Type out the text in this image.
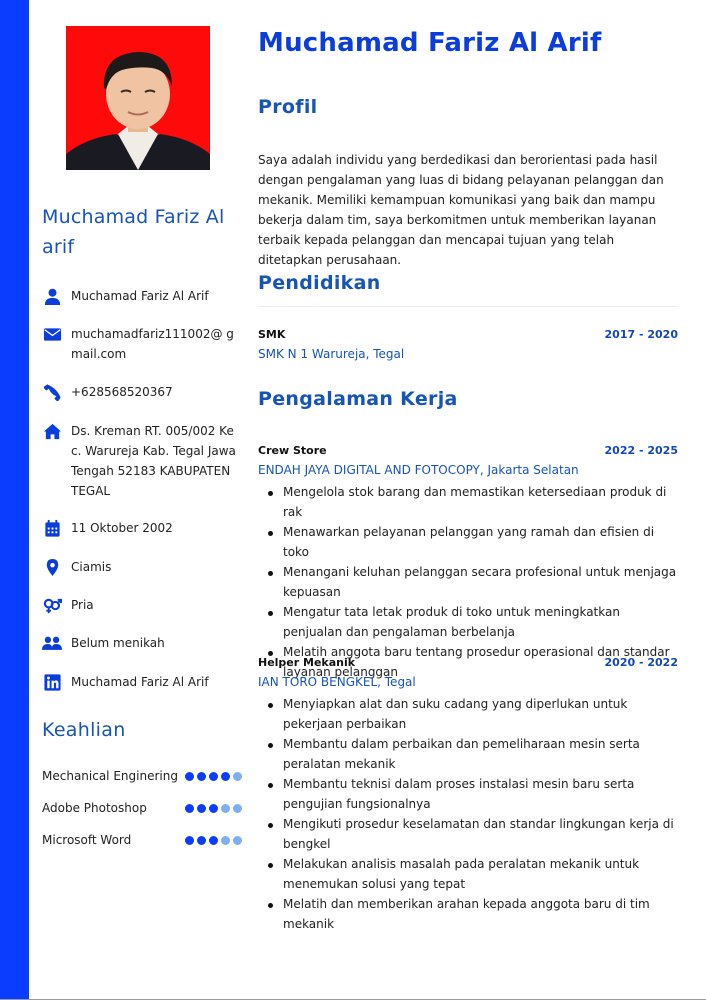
Muchamad Fariz Al arif
Muchamad Fariz Al Arif
muchamadfariz111002@ gmail.com
+628568520367
Ds. Kreman RT. 005/002 Kec. Warureja Kab. Tegal Jawa Tengah 52183 KABUPATEN TEGAL
11 Oktober 2002
Ciamis
Pria
Belum menikah
Muchamad Fariz Al Arif
Keahlian
Mechanical Enginering
Adobe Photoshop
Microsoft Word
Muchamad Fariz Al Arif
Profil

Saya adalah individu yang berdedikasi dan berorientasi pada hasil dengan pengalaman yang luas di bidang pelayanan pelanggan dan mekanik. Memiliki kemampuan komunikasi yang baik dan mampu bekerja dalam tim, saya berkomitmen untuk memberikan layanan terbaik kepada pelanggan dan mencapai tujuan yang telah ditetapkan perusahaan.

Pendidikan
SMK	2017 - 2020
SMK N 1 Warureja, Tegal
Pengalaman Kerja
Crew Store	2022 - 2025
ENDAH JAYA DIGITAL AND FOTOCOPY, Jakarta Selatan
Mengelola stok barang dan memastikan ketersediaan produk di rak
Menawarkan pelayanan pelanggan yang ramah dan efisien di toko
Menangani keluhan pelanggan secara profesional untuk menjaga kepuasan
Mengatur tata letak produk di toko untuk meningkatkan penjualan dan pengalaman berbelanja
Melatih anggota baru tentang prosedur operasional dan standar layanan pelanggan
Helper Mekanik	2020 - 2022
IAN TORO BENGKEL, Tegal
Menyiapkan alat dan suku cadang yang diperlukan untuk pekerjaan perbaikan
Membantu dalam perbaikan dan pemeliharaan mesin serta peralatan mekanik
Membantu teknisi dalam proses instalasi mesin baru serta pengujian fungsionalnya
Mengikuti prosedur keselamatan dan standar lingkungan kerja di bengkel
Melakukan analisis masalah pada peralatan mekanik untuk menemukan solusi yang tepat
Melatih dan memberikan arahan kepada anggota baru di tim mekanik
